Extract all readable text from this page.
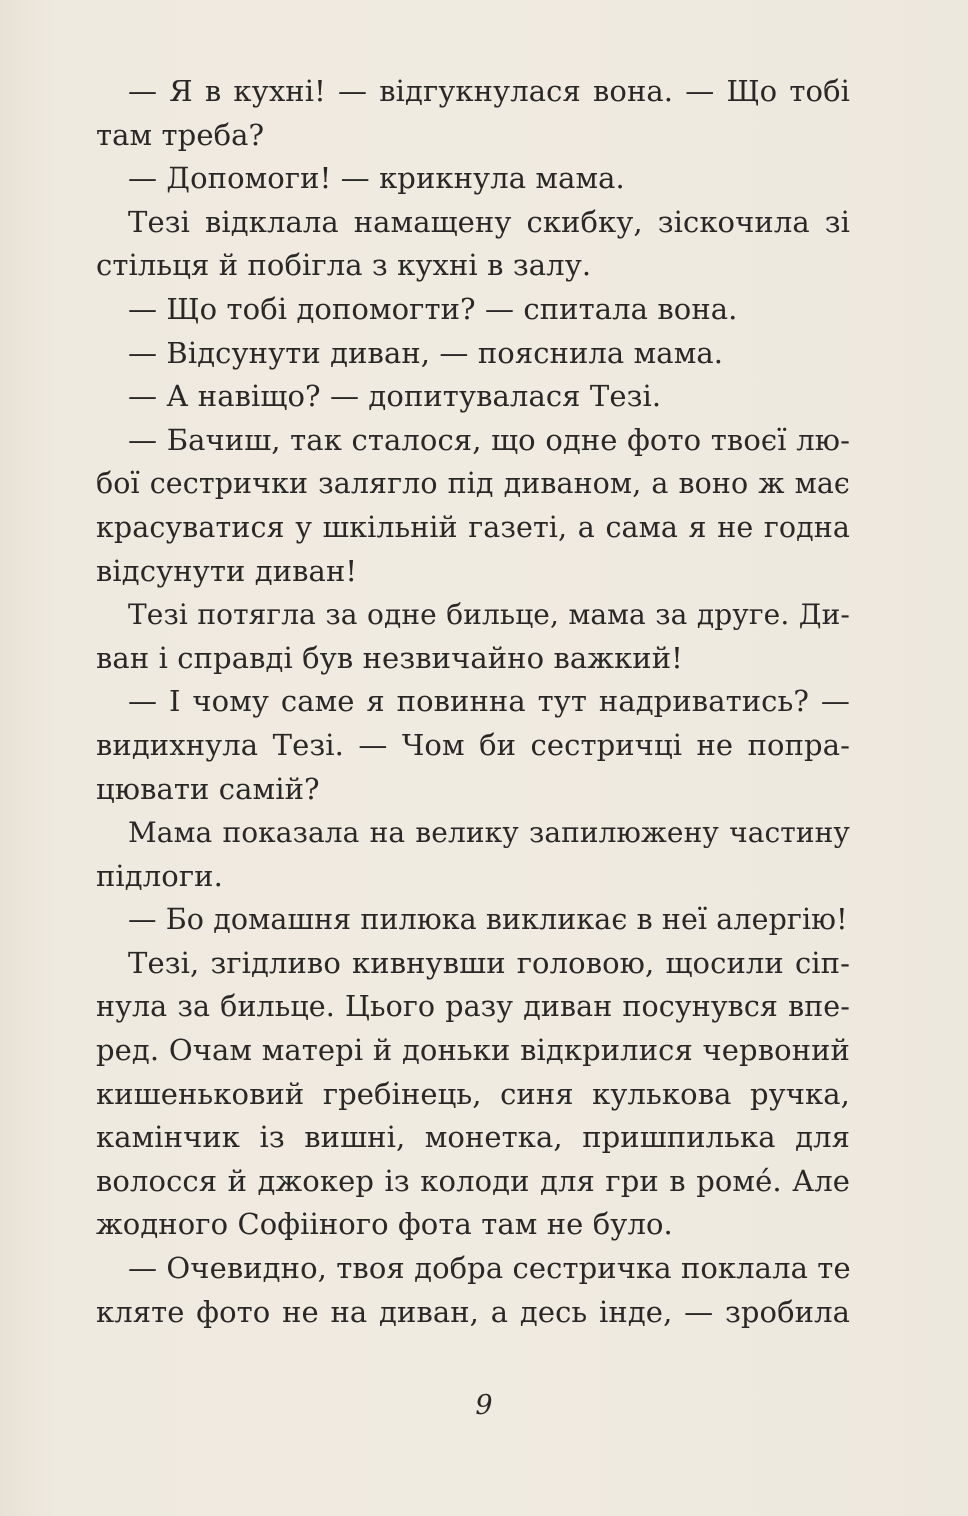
— Я в кухні! — відгукнулася вона. — Що тобі
там треба?
— Допомоги! — крикнула мама.
Тезі відклала намащену скибку, зіскочила зі
стільця й побігла з кухні в залу.
— Що тобі допомогти? — спитала вона.
— Відсунути диван, — пояснила мама.
— А навіщо? — допитувалася Тезі.
— Бачиш, так сталося, що одне фото твоєї лю-
бої сестрички залягло під диваном, а воно ж має
красуватися у шкільній газеті, а сама я не годна
відсунути диван!
Тезі потягла за одне бильце, мама за друге. Ди-
ван і справді був незвичайно важкий!
— І чому саме я повинна тут надриватись? —
видихнула Тезі. — Чом би сестричці не попра-
цювати самій?
Мама показала на велику запилюжену частину
підлоги.
— Бо домашня пилюка викликає в неї алергію!
Тезі, згідливо кивнувши головою, щосили сіп-
нула за бильце. Цього разу диван посунувся впе-
ред. Очам матері й доньки відкрилися червоний
кишеньковий гребінець, синя кулькова ручка,
камінчик із вишні, монетка, пришпилька для
волосся й джокер із колоди для гри в ромé. Але
жодного Софііного фота там не було.
— Очевидно, твоя добра сестричка поклала те
кляте фото не на диван, а десь інде, — зробила
9
